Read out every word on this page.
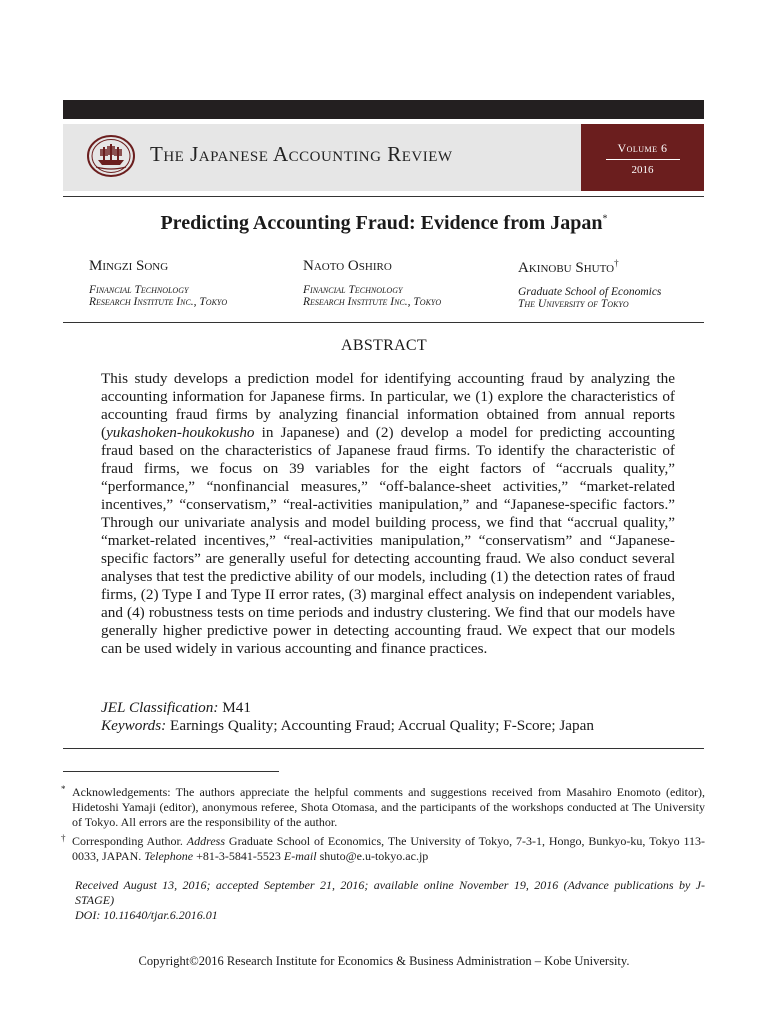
The Japanese Accounting Review	Volume 6
2016
Predicting Accounting Fraud: Evidence from Japan*
Mingzi Song
Financial Technology
Research Institute Inc., Tokyo
Naoto Oshiro
Financial Technology
Research Institute Inc., Tokyo
Akinobu Shuto†
Graduate School of Economics
The University of Tokyo
ABSTRACT
This study develops a prediction model for identifying accounting fraud by analyzing the accounting information for Japanese firms. In particular, we (1) explore the characteristics of accounting fraud firms by analyzing financial information obtained from annual reports (yukashoken-houkokusho in Japanese) and (2) develop a model for predicting accounting fraud based on the characteristics of Japanese fraud firms. To identify the characteristic of fraud firms, we focus on 39 variables for the eight factors of “accruals quality,” “performance,” “nonfinancial measures,” “off-balance-sheet activities,” “market-related incentives,” “conservatism,” “real-activities manipulation,” and “Japanese-specific factors.” Through our univariate analysis and model building process, we find that “accrual quality,” “market-related incentives,” “real-activities manipulation,” “conservatism” and “Japanese-specific factors” are generally useful for detecting accounting fraud. We also conduct several analyses that test the predictive ability of our models, including (1) the detection rates of fraud firms, (2) Type I and Type II error rates, (3) marginal effect analysis on independent variables, and (4) robustness tests on time periods and industry clustering. We find that our models have generally higher predictive power in detecting accounting fraud. We expect that our models can be used widely in various accounting and finance practices.
JEL Classification: M41
Keywords: Earnings Quality; Accounting Fraud; Accrual Quality; F-Score; Japan
* Acknowledgements: The authors appreciate the helpful comments and suggestions received from Masahiro Enomoto (editor), Hidetoshi Yamaji (editor), anonymous referee, Shota Otomasa, and the participants of the workshops conducted at The University of Tokyo. All errors are the responsibility of the author.
† Corresponding Author. Address Graduate School of Economics, The University of Tokyo, 7-3-1, Hongo, Bunkyo-ku, Tokyo 113-0033, JAPAN. Telephone +81-3-5841-5523 E-mail shuto@e.u-tokyo.ac.jp
Received August 13, 2016; accepted September 21, 2016; available online November 19, 2016 (Advance publications by J-STAGE)
DOI: 10.11640/tjar.6.2016.01
Copyright©2016 Research Institute for Economics & Business Administration – Kobe University.
